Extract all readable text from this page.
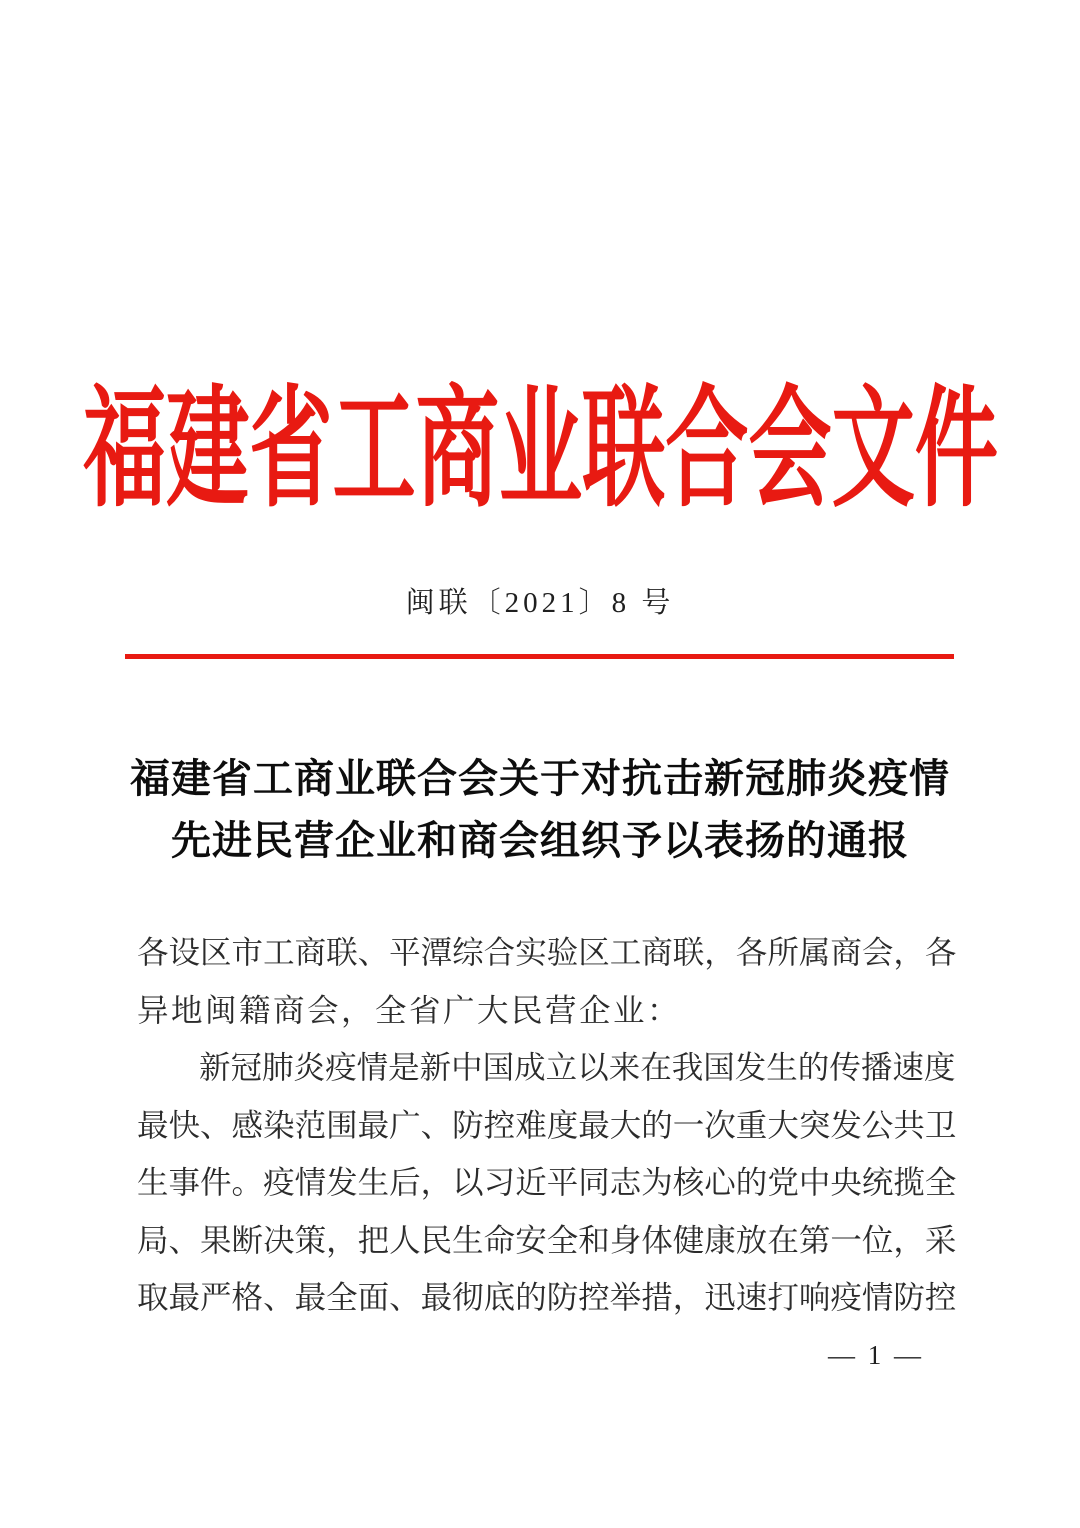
福建省工商业联合会文件
闽联〔2021〕8 号
福建省工商业联合会关于对抗击新冠肺炎疫情
先进民营企业和商会组织予以表扬的通报
各 设 区 市 工 商 联 、 平 潭 综 合 实 验 区 工 商 联 ， 各 所 属 商 会 ， 各
异地闽籍商会，全省广大民营企业：
新 冠 肺 炎 疫 情 是 新 中 国 成 立 以 来 在 我 国 发 生 的 传 播 速 度
最 快 、 感 染 范 围 最 广 、 防 控 难 度 最 大 的 一 次 重 大 突 发 公 共 卫
生 事 件 。 疫 情 发 生 后 ， 以 习 近 平 同 志 为 核 心 的 党 中 央 统 揽 全
局 、 果 断 决 策 ， 把 人 民 生 命 安 全 和 身 体 健 康 放 在 第 一 位 ， 采
取 最 严 格 、 最 全 面 、 最 彻 底 的 防 控 举 措 ， 迅 速 打 响 疫 情 防 控
— 1 —
